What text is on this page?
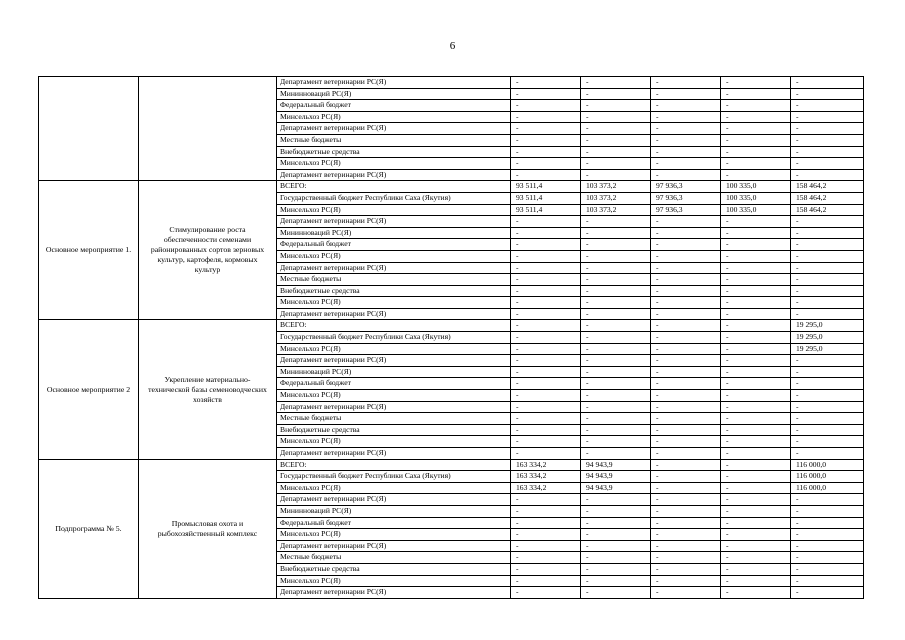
6
		Департамент ветеринарии РС(Я)	-	-	-	-	-
		Мининноваций РС(Я)	-	-	-	-	-
		Федеральный бюджет	-	-	-	-	-
		Минсельхоз РС(Я)	-	-	-	-	-
		Департамент ветеринарии РС(Я)	-	-	-	-	-
		Местные бюджеты	-	-	-	-	-
		Внебюджетные средства	-	-	-	-	-
		Минсельхоз РС(Я)	-	-	-	-	-
		Департамент ветеринарии РС(Я)	-	-	-	-	-
Основное мероприятие 1.	Стимулирование роста обеспеченности семенами районированных сортов зерновых культур, картофеля, кормовых культур	ВСЕГО:	93 511,4	103 373,2	97 936,3	100 335,0	158 464,2
		Государственный бюджет Республики Саха (Якутия)	93 511,4	103 373,2	97 936,3	100 335,0	158 464,2
		Минсельхоз РС(Я)	93 511,4	103 373,2	97 936,3	100 335,0	158 464,2
		Департамент ветеринарии РС(Я)	-	-	-	-	-
		Мининноваций РС(Я)	-	-	-	-	-
		Федеральный бюджет	-	-	-	-	-
		Минсельхоз РС(Я)	-	-	-	-	-
		Департамент ветеринарии РС(Я)	-	-	-	-	-
		Местные бюджеты	-	-	-	-	-
		Внебюджетные средства	-	-	-	-	-
		Минсельхоз РС(Я)	-	-	-	-	-
		Департамент ветеринарии РС(Я)	-	-	-	-	-
Основное мероприятие 2	Укрепление материально-технической базы семеноводческих хозяйств	ВСЕГО:	-	-	-	-	19 295,0
		Государственный бюджет Республики Саха (Якутия)	-	-	-	-	19 295,0
		Минсельхоз РС(Я)	-	-	-	-	19 295,0
		Департамент ветеринарии РС(Я)	-	-	-	-	-
		Мининноваций РС(Я)	-	-	-	-	-
		Федеральный бюджет	-	-	-	-	-
		Минсельхоз РС(Я)	-	-	-	-	-
		Департамент ветеринарии РС(Я)	-	-	-	-	-
		Местные бюджеты	-	-	-	-	-
		Внебюджетные средства	-	-	-	-	-
		Минсельхоз РС(Я)	-	-	-	-	-
		Департамент ветеринарии РС(Я)	-	-	-	-	-
Подпрограмма № 5.	Промысловая охота и рыбохозяйственный комплекс	ВСЕГО:	163 334,2	94 943,9	-	-	116 000,0
		Государственный бюджет Республики Саха (Якутия)	163 334,2	94 943,9	-	-	116 000,0
		Минсельхоз РС(Я)	163 334,2	94 943,9	-	-	116 000,0
		Департамент ветеринарии РС(Я)	-	-	-	-	-
		Мининноваций РС(Я)	-	-	-	-	-
		Федеральный бюджет	-	-	-	-	-
		Минсельхоз РС(Я)	-	-	-	-	-
		Департамент ветеринарии РС(Я)	-	-	-	-	-
		Местные бюджеты	-	-	-	-	-
		Внебюджетные средства	-	-	-	-	-
		Минсельхоз РС(Я)	-	-	-	-	-
		Департамент ветеринарии РС(Я)	-	-	-	-	-
